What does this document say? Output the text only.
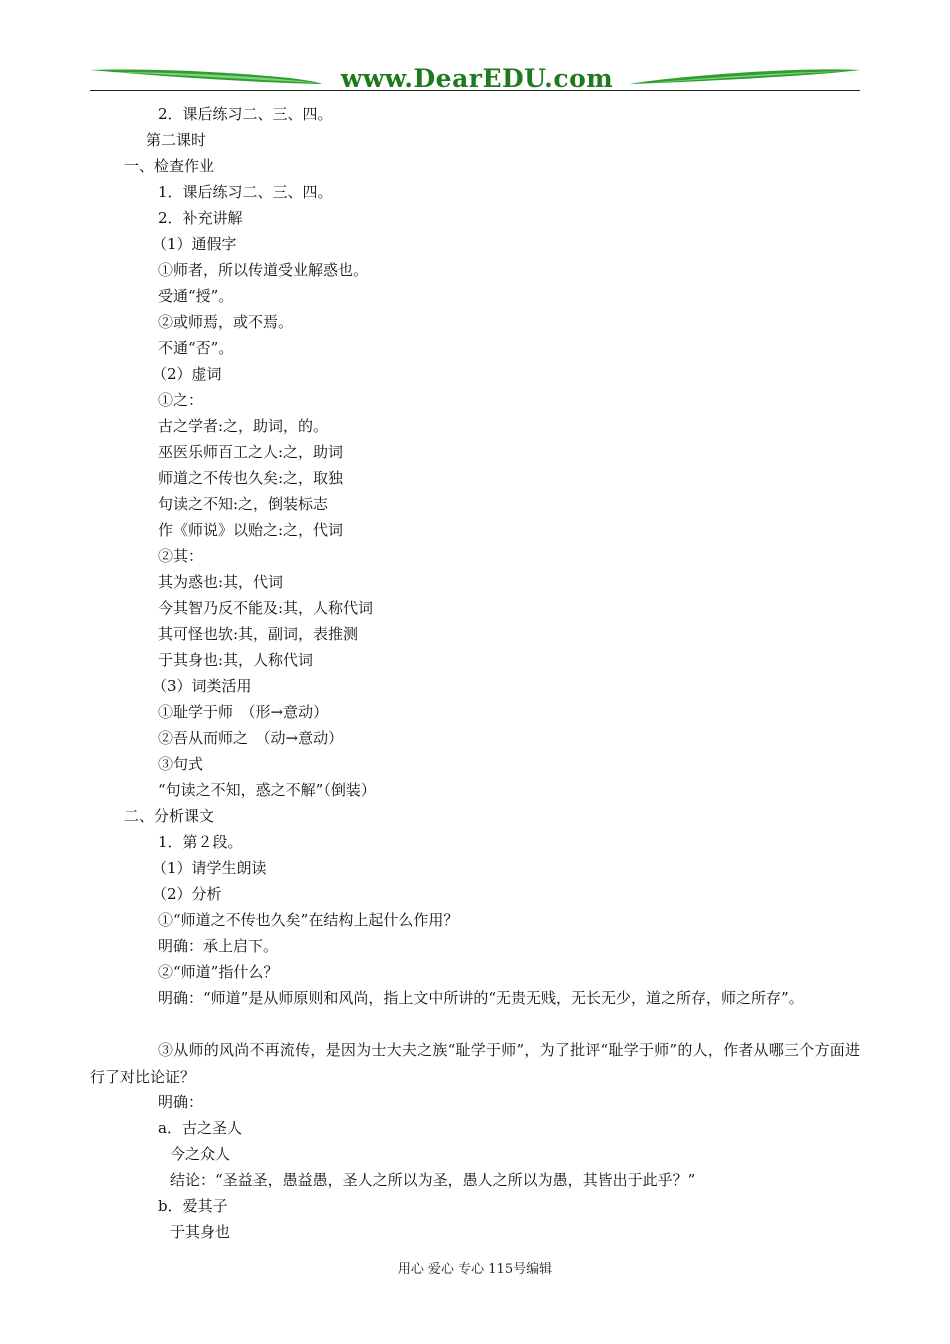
www.DearEDU.com
2．课后练习二、三、四。
第二课时
一、检查作业
1．课后练习二、三、四。
2．补充讲解
（1）通假字
①师者，所以传道受业解惑也。
受通“授”。
②或师焉，或不焉。
不通“否”。
（2）虚词
①之：
古之学者:之，助词，的。
巫医乐师百工之人:之，助词
师道之不传也久矣:之，取独
句读之不知:之，倒装标志
作《师说》以贻之:之，代词
②其：
其为惑也:其，代词
今其智乃反不能及:其，人称代词
其可怪也欤:其，副词，表推测
于其身也:其，人称代词
（3）词类活用
①耻学于师　（形→意动）
②吾从而师之　（动→意动）
③句式
“句读之不知，惑之不解”（倒装）
二、分析课文
1．第２段。
（1）请学生朗读
（2）分析
①“师道之不传也久矣”在结构上起什么作用？
明确：承上启下。
②“师道”指什么？
明确：“师道”是从师原则和风尚，指上文中所讲的“无贵无贱，无长无少，道之所存，师之所存”。
③从师的风尚不再流传，是因为士大夫之族“耻学于师”，为了批评“耻学于师”的人，作者从哪三个方面进行了对比论证？
明确：
a．古之圣人
今之众人
结论：“圣益圣，愚益愚，圣人之所以为圣，愚人之所以为愚，其皆出于此乎？”
b．爱其子
于其身也
用心 爱心 专心 115号编辑
